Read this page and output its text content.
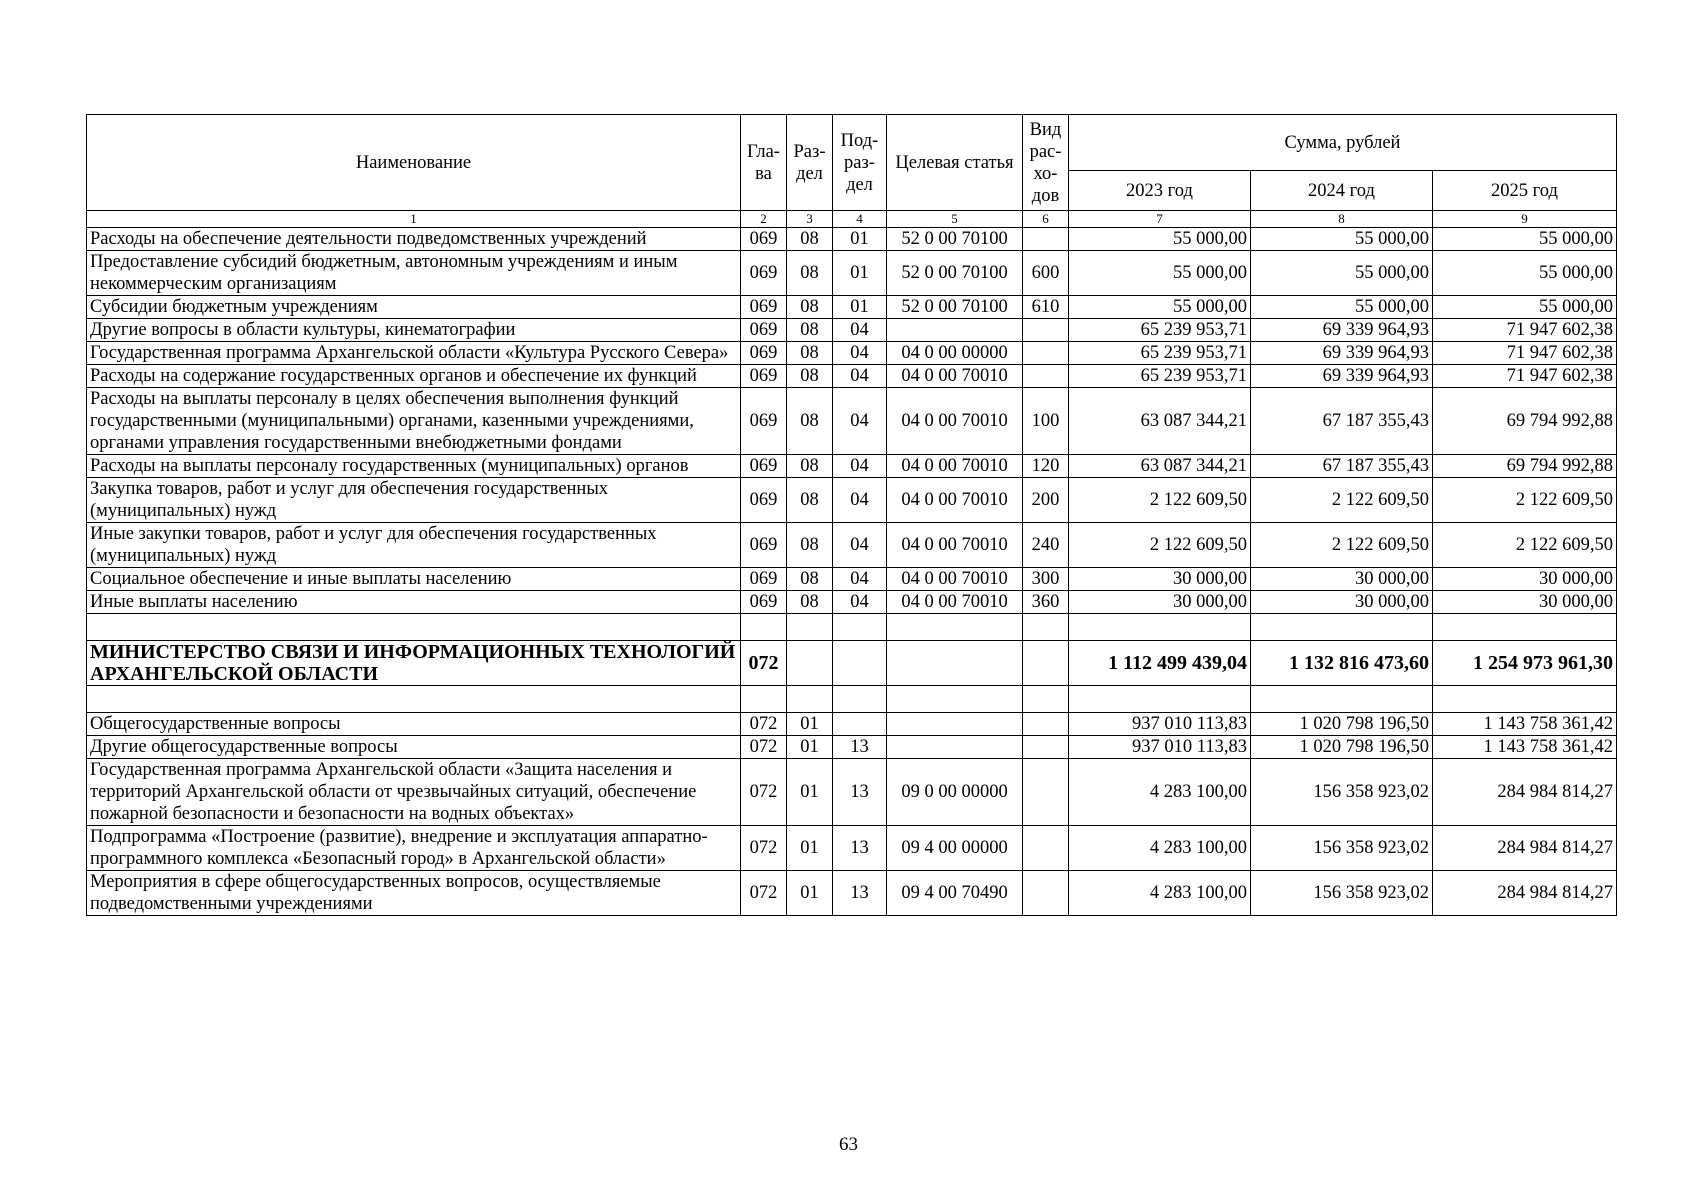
Наименование	Гла-ва	Раз-дел	Под-раз-дел	Целевая статья	Вид рас-хо-дов	Сумма, рублей		
						2023 год	2024 год	2025 год
1	2	3	4	5	6	7	8	9
Расходы на обеспечение деятельности подведомственных учреждений	069	08	01	52 0 00 70100		55 000,00	55 000,00	55 000,00
Предоставление субсидий бюджетным, автономным учреждениям и иным некоммерческим организациям	069	08	01	52 0 00 70100	600	55 000,00	55 000,00	55 000,00
Субсидии бюджетным учреждениям	069	08	01	52 0 00 70100	610	55 000,00	55 000,00	55 000,00
Другие вопросы в области культуры, кинематографии	069	08	04			65 239 953,71	69 339 964,93	71 947 602,38
Государственная программа Архангельской области «Культура Русского Севера»	069	08	04	04 0 00 00000		65 239 953,71	69 339 964,93	71 947 602,38
Расходы на содержание государственных органов и обеспечение их функций	069	08	04	04 0 00 70010		65 239 953,71	69 339 964,93	71 947 602,38
Расходы на выплаты персоналу в целях обеспечения выполнения функций государственными (муниципальными) органами, казенными учреждениями, органами управления государственными внебюджетными фондами	069	08	04	04 0 00 70010	100	63 087 344,21	67 187 355,43	69 794 992,88
Расходы на выплаты персоналу государственных (муниципальных) органов	069	08	04	04 0 00 70010	120	63 087 344,21	67 187 355,43	69 794 992,88
Закупка товаров, работ и услуг для обеспечения государственных (муниципальных) нужд	069	08	04	04 0 00 70010	200	2 122 609,50	2 122 609,50	2 122 609,50
Иные закупки товаров, работ и услуг для обеспечения государственных (муниципальных) нужд	069	08	04	04 0 00 70010	240	2 122 609,50	2 122 609,50	2 122 609,50
Социальное обеспечение и иные выплаты населению	069	08	04	04 0 00 70010	300	30 000,00	30 000,00	30 000,00
Иные выплаты населению	069	08	04	04 0 00 70010	360	30 000,00	30 000,00	30 000,00

МИНИСТЕРСТВО СВЯЗИ И ИНФОРМАЦИОННЫХ ТЕХНОЛОГИЙ АРХАНГЕЛЬСКОЙ ОБЛАСТИ	072					1 112 499 439,04	1 132 816 473,60	1 254 973 961,30

Общегосударственные вопросы	072	01				937 010 113,83	1 020 798 196,50	1 143 758 361,42
Другие общегосударственные вопросы	072	01	13			937 010 113,83	1 020 798 196,50	1 143 758 361,42
Государственная программа Архангельской области «Защита населения и территорий Архангельской области от чрезвычайных ситуаций, обеспечение пожарной безопасности и безопасности на водных объектах»	072	01	13	09 0 00 00000		4 283 100,00	156 358 923,02	284 984 814,27
Подпрограмма «Построение (развитие), внедрение и эксплуатация аппаратно-программного комплекса «Безопасный город» в Архангельской области»	072	01	13	09 4 00 00000		4 283 100,00	156 358 923,02	284 984 814,27
Мероприятия в сфере общегосударственных вопросов, осуществляемые подведомственными учреждениями	072	01	13	09 4 00 70490		4 283 100,00	156 358 923,02	284 984 814,27
63
